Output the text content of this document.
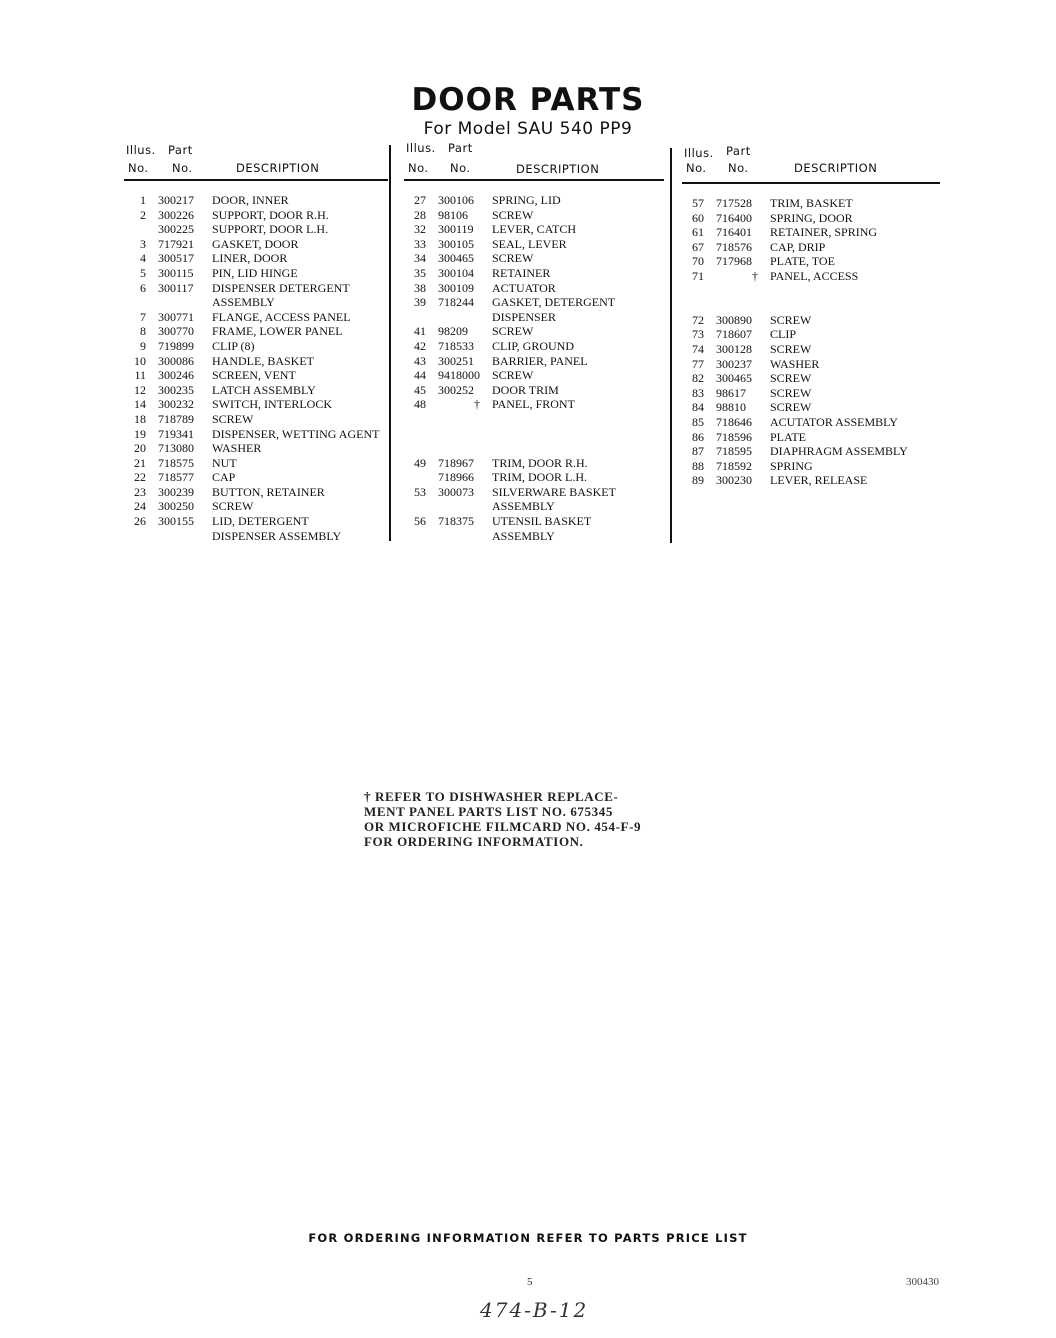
DOOR PARTS
For Model SAU 540 PP9
Illus. Part
No. No.	DESCRIPTION
1 300217 DOOR, INNER
2 300226 SUPPORT, DOOR R.H.
300225 SUPPORT, DOOR L.H.
3 717921 GASKET, DOOR
4 300517 LINER, DOOR
5 300115 PIN, LID HINGE
6 300117 DISPENSER DETERGENT
ASSEMBLY
7 300771 FLANGE, ACCESS PANEL
8 300770 FRAME, LOWER PANEL
9 719899 CLIP (8)
10 300086 HANDLE, BASKET
11 300246 SCREEN, VENT
12 300235 LATCH ASSEMBLY
14 300232 SWITCH, INTERLOCK
18 718789 SCREW
19 719341 DISPENSER, WETTING AGENT
20 713080 WASHER
21 718575 NUT
22 718577 CAP
23 300239 BUTTON, RETAINER
24 300250 SCREW
26 300155 LID, DETERGENT
DISPENSER ASSEMBLY
Illus. Part
No. No.	DESCRIPTION
27 300106 SPRING, LID
28 98106 SCREW
32 300119 LEVER, CATCH
33 300105 SEAL, LEVER
34 300465 SCREW
35 300104 RETAINER
38 300109 ACTUATOR
39 718244 GASKET, DETERGENT
DISPENSER
41 98209 SCREW
42 718533 CLIP, GROUND
43 300251 BARRIER, PANEL
44 9418000 SCREW
45 300252 DOOR TRIM
48	† PANEL, FRONT
49 718967 TRIM, DOOR R.H.
718966 TRIM, DOOR L.H.
53 300073 SILVERWARE BASKET
ASSEMBLY
56 718375 UTENSIL BASKET
ASSEMBLY
Illus. Part
No. No.	DESCRIPTION
57 717528 TRIM, BASKET
60 716400 SPRING, DOOR
61 716401 RETAINER, SPRING
67 718576 CAP, DRIP
70 717968 PLATE, TOE
71	† PANEL, ACCESS
72 300890 SCREW
73 718607 CLIP
74 300128 SCREW
77 300237 WASHER
82 300465 SCREW
83 98617 SCREW
84 98810 SCREW
85 718646 ACUTATOR ASSEMBLY
86 718596 PLATE
87 718595 DIAPHRAGM ASSEMBLY
88 718592 SPRING
89 300230 LEVER, RELEASE
† REFER TO DISHWASHER REPLACE-
MENT PANEL PARTS LIST NO. 675345
OR MICROFICHE FILMCARD NO. 454-F-9
FOR ORDERING INFORMATION.
FOR ORDERING INFORMATION REFER TO PARTS PRICE LIST
5	300430
474-B-12
